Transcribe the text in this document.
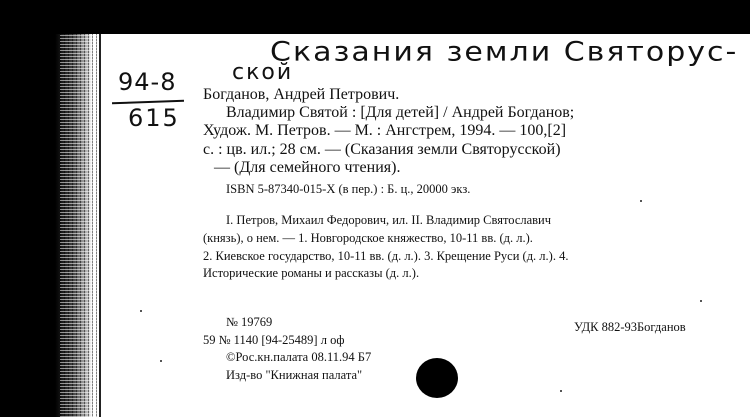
Сказания земли Святорус-
ской
94-8
615
Богданов, Андрей Петрович.
Владимир Святой : [Для детей] / Андрей Богданов;
Худож. М. Петров. — М. : Ангстрем, 1994. — 100,[2]
с. : цв. ил.; 28 см. — (Сказания земли Святорусской)
— (Для семейного чтения).
ISBN 5-87340-015-X (в пер.) : Б. ц., 20000 экз.
I. Петров, Михаил Федорович, ил. II. Владимир Святославич
(князь), о нем. — 1. Новгородское княжество, 10-11 вв. (д. л.).
2. Киевское государство, 10-11 вв. (д. л.). 3. Крещение Руси (д. л.). 4.
Исторические романы и рассказы (д. л.).
№ 19769	УДК 882-93Богданов
59 № 1140 [94-25489] л оф
©Рос.кн.палата 08.11.94 Б7
Изд-во "Книжная палата"
